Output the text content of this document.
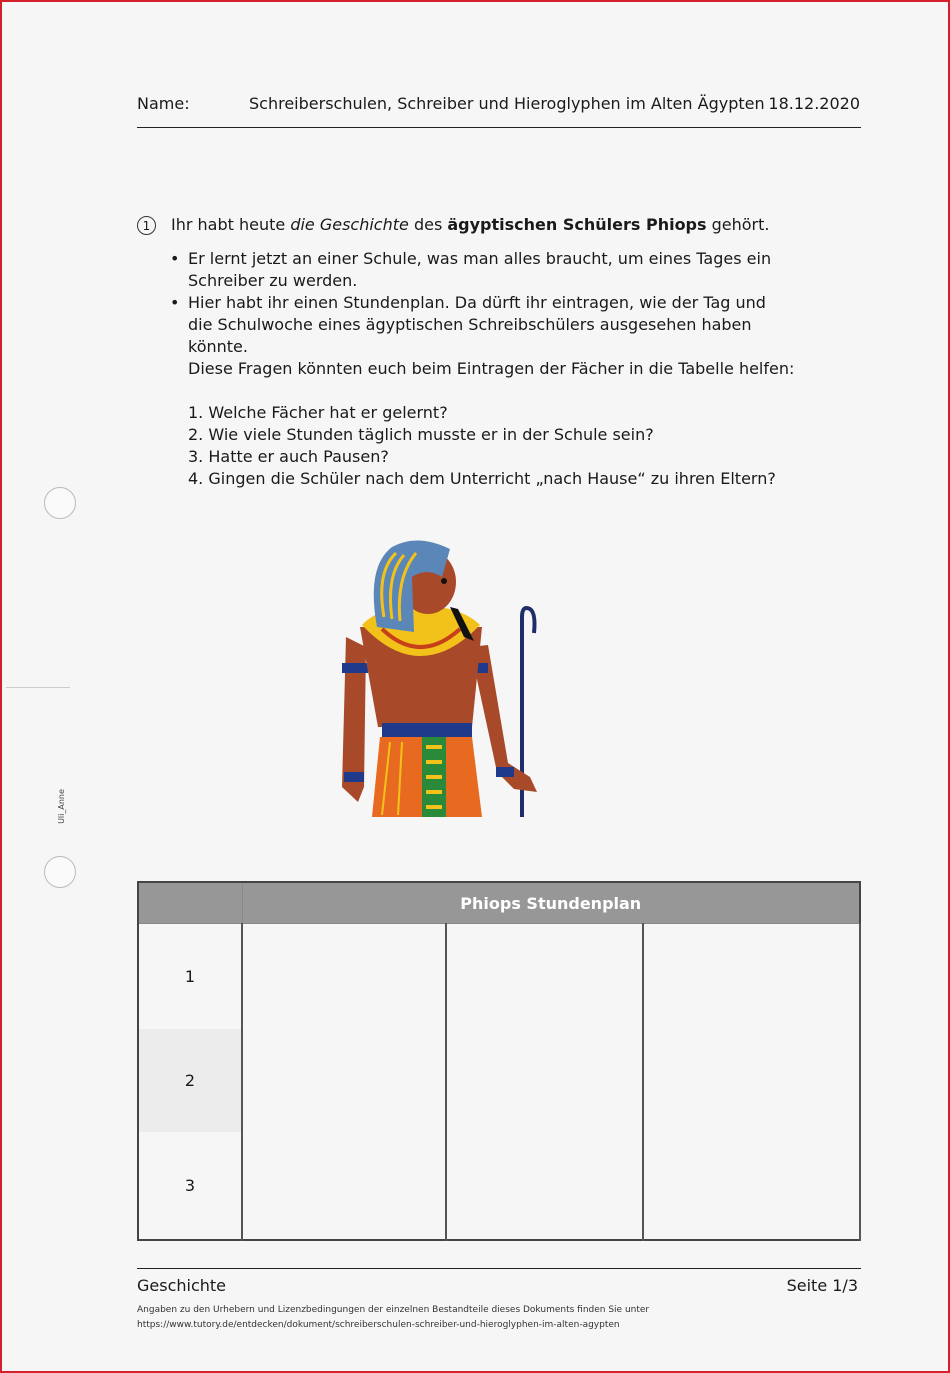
Name:	Schreiberschulen, Schreiber und Hieroglyphen im Alten Ägypten 18.12.2020
1	Ihr habt heute die Geschichte des ägyptischen Schülers Phiops gehört.
• Er lernt jetzt an einer Schule, was man alles braucht, um eines Tages ein Schreiber zu werden.
• Hier habt ihr einen Stundenplan. Da dürft ihr eintragen, wie der Tag und die Schulwoche eines ägyptischen Schreibschülers ausgesehen haben könnte.
Diese Fragen könnten euch beim Eintragen der Fächer in die Tabelle helfen:
1. Welche Fächer hat er gelernt?
2. Wie viele Stunden täglich musste er in der Schule sein?
3. Hatte er auch Pausen?
4. Gingen die Schüler nach dem Unterricht „nach Hause“ zu ihren Eltern?
Uli_Anne
	Phiops Stundenplan		
1			
2			
3			
Geschichte	Seite 1/3
Angaben zu den Urhebern und Lizenzbedingungen der einzelnen Bestandteile dieses Dokuments finden Sie unter
https://www.tutory.de/entdecken/dokument/schreiberschulen-schreiber-und-hieroglyphen-im-alten-agypten
